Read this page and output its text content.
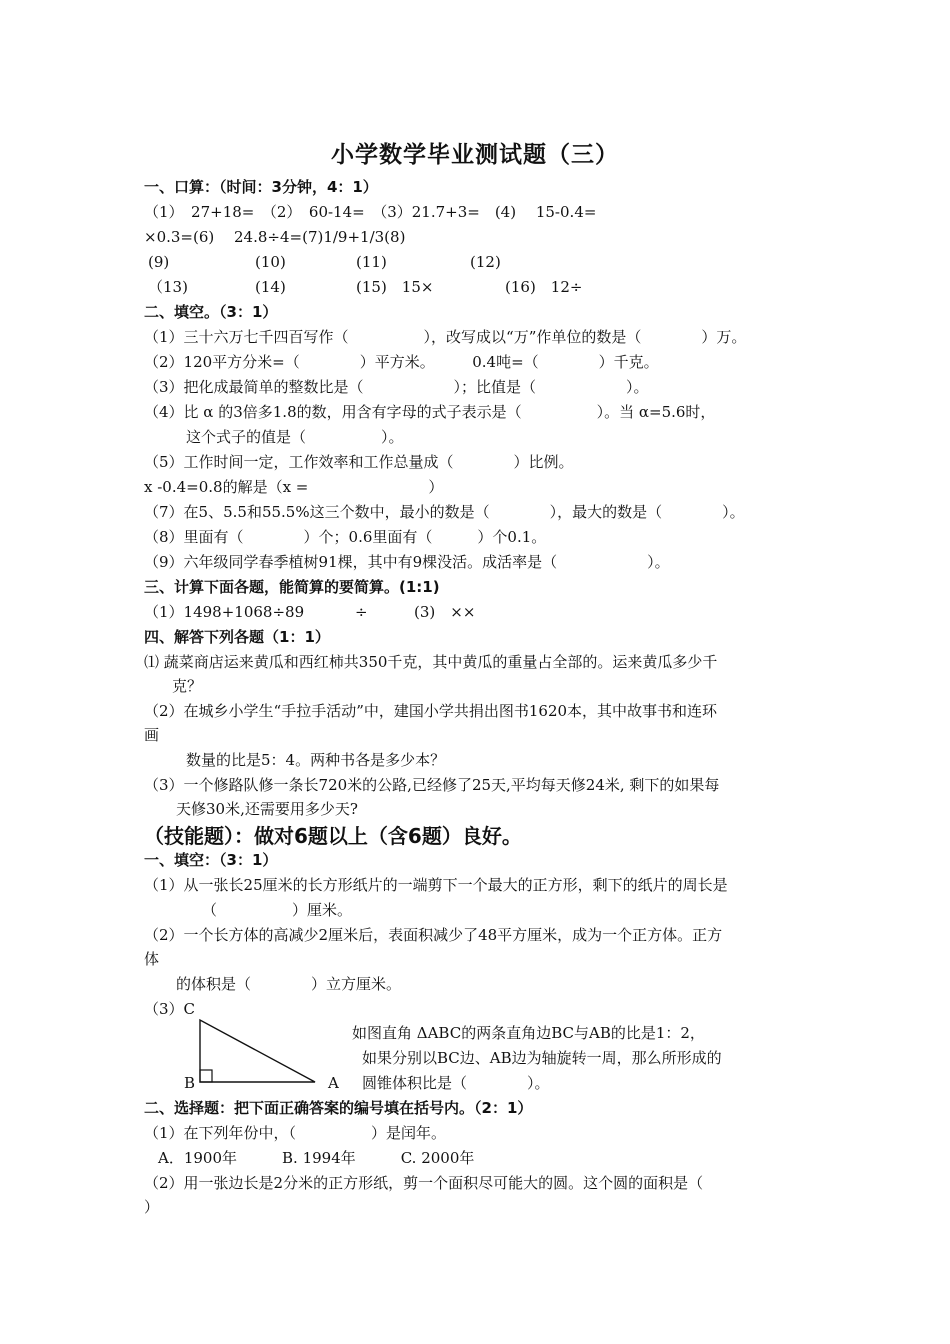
小学数学毕业测试题（三）
一、口算：（时间：3分钟，4：1）
（1）　27+18=　（2）　60-14=　（3）21.7+3=　(4)　 15-0.4=
×0.3=(6)　 24.8÷4=(7)1/9+1/3(8)
(9)	(10)	(11)	(12)
（13)	(14)	(15)　15×	(16)　12÷
二、填空。（3：1）
（1）三十六万七千四百写作（　　　　　），改写成以“万”作单位的数是（　　　　）万。
（2）120平方分米=（　　　　）平方米。　　　0.4吨=（　　　　）千克。
（3）把化成最简单的整数比是（　　　　　　）；比值是（　　　　　　）。
（4）比 α 的3倍多1.8的数，用含有字母的式子表示是（　　　　　）。当 α=5.6时，
这个式子的值是（　　　　　）。
（5）工作时间一定，工作效率和工作总量成（　　　　）比例。
x -0.4=0.8的解是（x =　　　　　　　　）
（7）在5、5.5和55.5%这三个数中，最小的数是（　　　　），最大的数是（　　　　）。
（8）里面有（　　　　）个；0.6里面有（　　　）个0.1。
（9）六年级同学春季植树91棵，其中有9棵没活。成活率是（　　　　　　）。
三、计算下面各题，能简算的要简算。(1:1)
（1）1498+1068÷89	÷	(3)　××
四、解答下列各题（1：1）
⑴ 蔬菜商店运来黄瓜和西红柿共350千克，其中黄瓜的重量占全部的。运来黄瓜多少千
克？
（2）在城乡小学生“手拉手活动”中，建国小学共捐出图书1620本，其中故事书和连环
画
数量的比是5：4。两种书各是多少本？
（3）一个修路队修一条长720米的公路,已经修了25天,平均每天修24米, 剩下的如果每
天修30米,还需要用多少天?
（技能题）：做对6题以上（含6题）良好。
一、填空：（3：1）
（1）从一张长25厘米的长方形纸片的一端剪下一个最大的正方形，剩下的纸片的周长是
（　　　　　）厘米。
（2）一个长方体的高减少2厘米后，表面积减少了48平方厘米，成为一个正方体。正方
体
的体积是（　　　　）立方厘米。
（3）C
B	A
如图直角 ΔABC的两条直角边BC与AB的比是1：2，
如果分别以BC边、AB边为轴旋转一周，那么所形成的
圆锥体积比是（　　　　）。
二、选择题：把下面正确答案的编号填在括号内。（2：1）
（1）在下列年份中，（　　　　　）是闰年。
A．1900年　　　B. 1994年　　　C. 2000年
（2）用一张边长是2分米的正方形纸，剪一个面积尽可能大的圆。这个圆的面积是（
）
